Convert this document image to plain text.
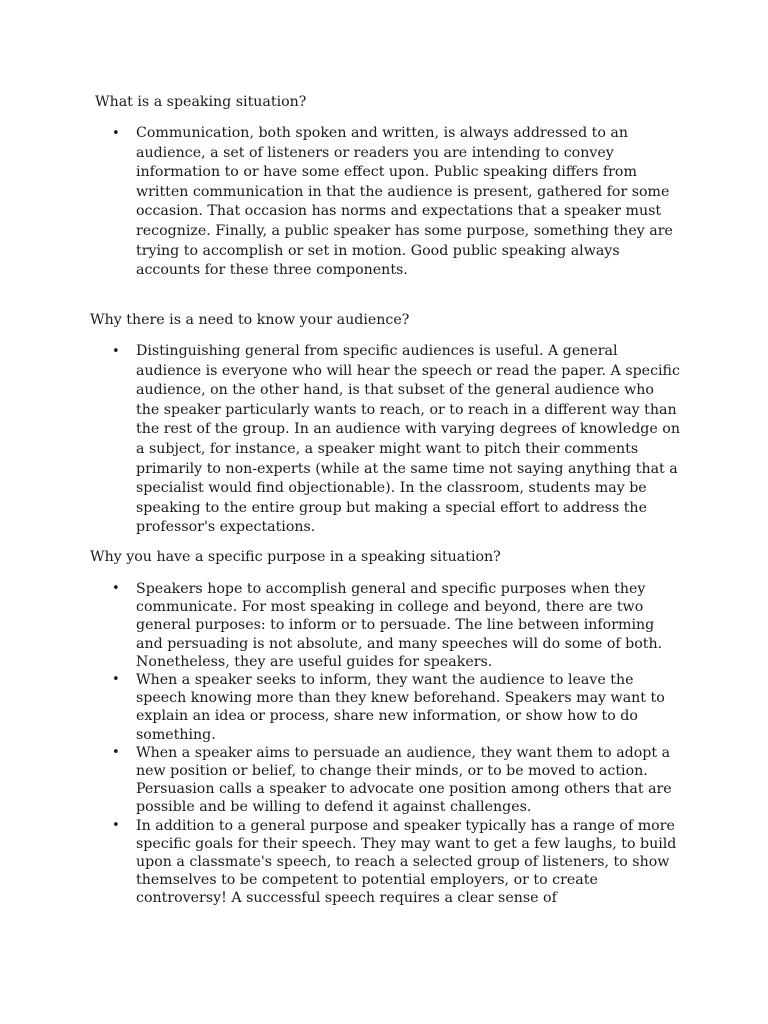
What is a speaking situation?
• Communication, both spoken and written, is always addressed to an audience, a set of listeners or readers you are intending to convey information to or have some effect upon. Public speaking differs from written communication in that the audience is present, gathered for some occasion. That occasion has norms and expectations that a speaker must recognize. Finally, a public speaker has some purpose, something they are trying to accomplish or set in motion. Good public speaking always accounts for these three components.
Why there is a need to know your audience?
• Distinguishing general from specific audiences is useful. A general audience is everyone who will hear the speech or read the paper. A specific audience, on the other hand, is that subset of the general audience who the speaker particularly wants to reach, or to reach in a different way than the rest of the group. In an audience with varying degrees of knowledge on a subject, for instance, a speaker might want to pitch their comments primarily to non-experts (while at the same time not saying anything that a specialist would find objectionable). In the classroom, students may be speaking to the entire group but making a special effort to address the professor's expectations.
Why you have a specific purpose in a speaking situation?
• Speakers hope to accomplish general and specific purposes when they communicate. For most speaking in college and beyond, there are two general purposes: to inform or to persuade. The line between informing and persuading is not absolute, and many speeches will do some of both. Nonetheless, they are useful guides for speakers.
• When a speaker seeks to inform, they want the audience to leave the speech knowing more than they knew beforehand. Speakers may want to explain an idea or process, share new information, or show how to do something.
• When a speaker aims to persuade an audience, they want them to adopt a new position or belief, to change their minds, or to be moved to action. Persuasion calls a speaker to advocate one position among others that are possible and be willing to defend it against challenges.
• In addition to a general purpose and speaker typically has a range of more specific goals for their speech. They may want to get a few laughs, to build upon a classmate's speech, to reach a selected group of listeners, to show themselves to be competent to potential employers, or to create controversy! A successful speech requires a clear sense of
